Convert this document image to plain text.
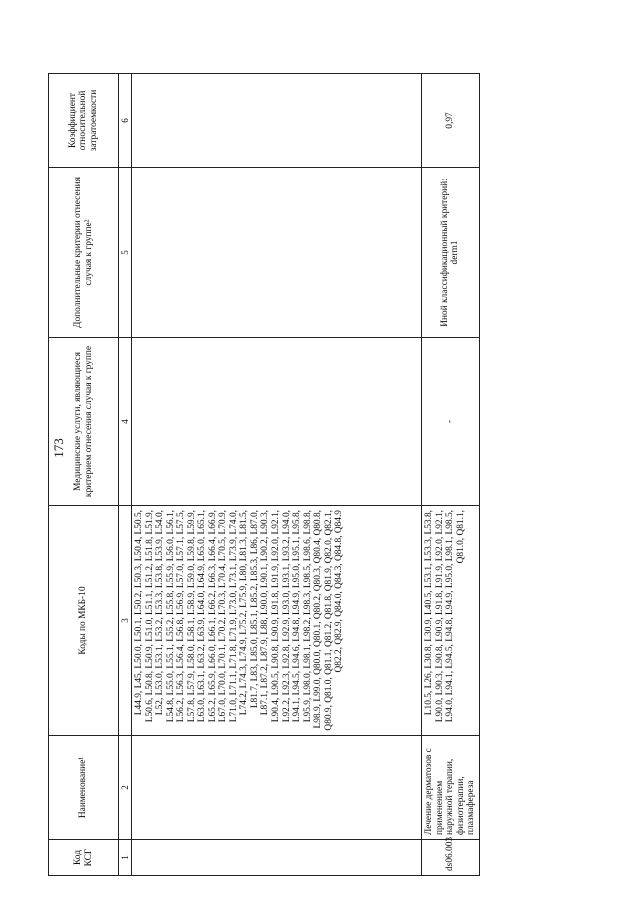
173
Код КСГ	Наименование¹	Коды по МКБ-10	Медицинские услуги, являющиеся критерием отнесения случая к группе	Дополнительные критерии отнесения случая к группе²	Коэффициент относительной затратоемкости
1	2	3	4	5	6
		L44.9, L45, L50.0, L50.1, L50.2, L50.3, L50.4, L50.5, L50.6, L50.8, L50.9, L51.0, L51.1, L51.2, L51.8, L51.9, L52, L53.0, L53.1, L53.2, L53.3, L53.8, L53.9, L54.0, L54.8, L55.0, L55.1, L55.2, L55.8, L55.9, L56.0, L56.1, L56.2, L56.3, L56.4, L56.8, L56.9, L57.0, L57.1, L57.5, L57.8, L57.9, L58.0, L58.1, L58.9, L59.0, L59.8, L59.9, L63.0, L63.1, L63.2, L63.9, L64.0, L64.9, L65.0, L65.1, L65.2, L65.9, L66.0, L66.1, L66.2, L66.3, L66.4, L66.9, L67.0, L70.0, L70.1, L70.2, L70.3, L70.4, L70.5, L70.9, L71.0, L71.1, L71.8, L71.9, L73.0, L73.1, L73.9, L74.0, L74.2, L74.3, L74.9, L75.2, L75.9, L80, L81.3, L81.5, L81.7, L83, L85.0, L85.1, L85.2, L85.3, L86, L87.0, L87.1, L87.2, L87.9, L88, L90.0, L90.1, L90.2, L90.3, L90.4, L90.5, L90.8, L90.9, L91.8, L91.9, L92.0, L92.1, L92.2, L92.3, L92.8, L92.9, L93.0, L93.1, L93.2, L94.0, L94.1, L94.5, L94.6, L94.8, L94.9, L95.0, L95.1, L95.8, L95.9, L98.0, L98.1, L98.2, L98.3, L98.5, L98.6, L98.8, L98.9, L99.0, Q80.0, Q80.1, Q80.2, Q80.3, Q80.4, Q80.8, Q80.9, Q81.0, Q81.1, Q81.2, Q81.8, Q81.9, Q82.0, Q82.1, Q82.2, Q82.9, Q84.0, Q84.3, Q84.8, Q84.9			
ds06.003	Лечение дерматозов с применением наружной терапии, физиотерапии, плазмафереза	L10.5, L26, L30.8, L30.9, L40.5, L53.1, L53.3, L53.8, L90.0, L90.3, L90.8, L90.9, L91.8, L91.9, L92.0, L92.1, L94.0, L94.1, L94.5, L94.8, L94.9, L95.0, L98.1, L98.5, Q81.0, Q81.1,	-	Иной классификационный критерий: derm1	0,97
